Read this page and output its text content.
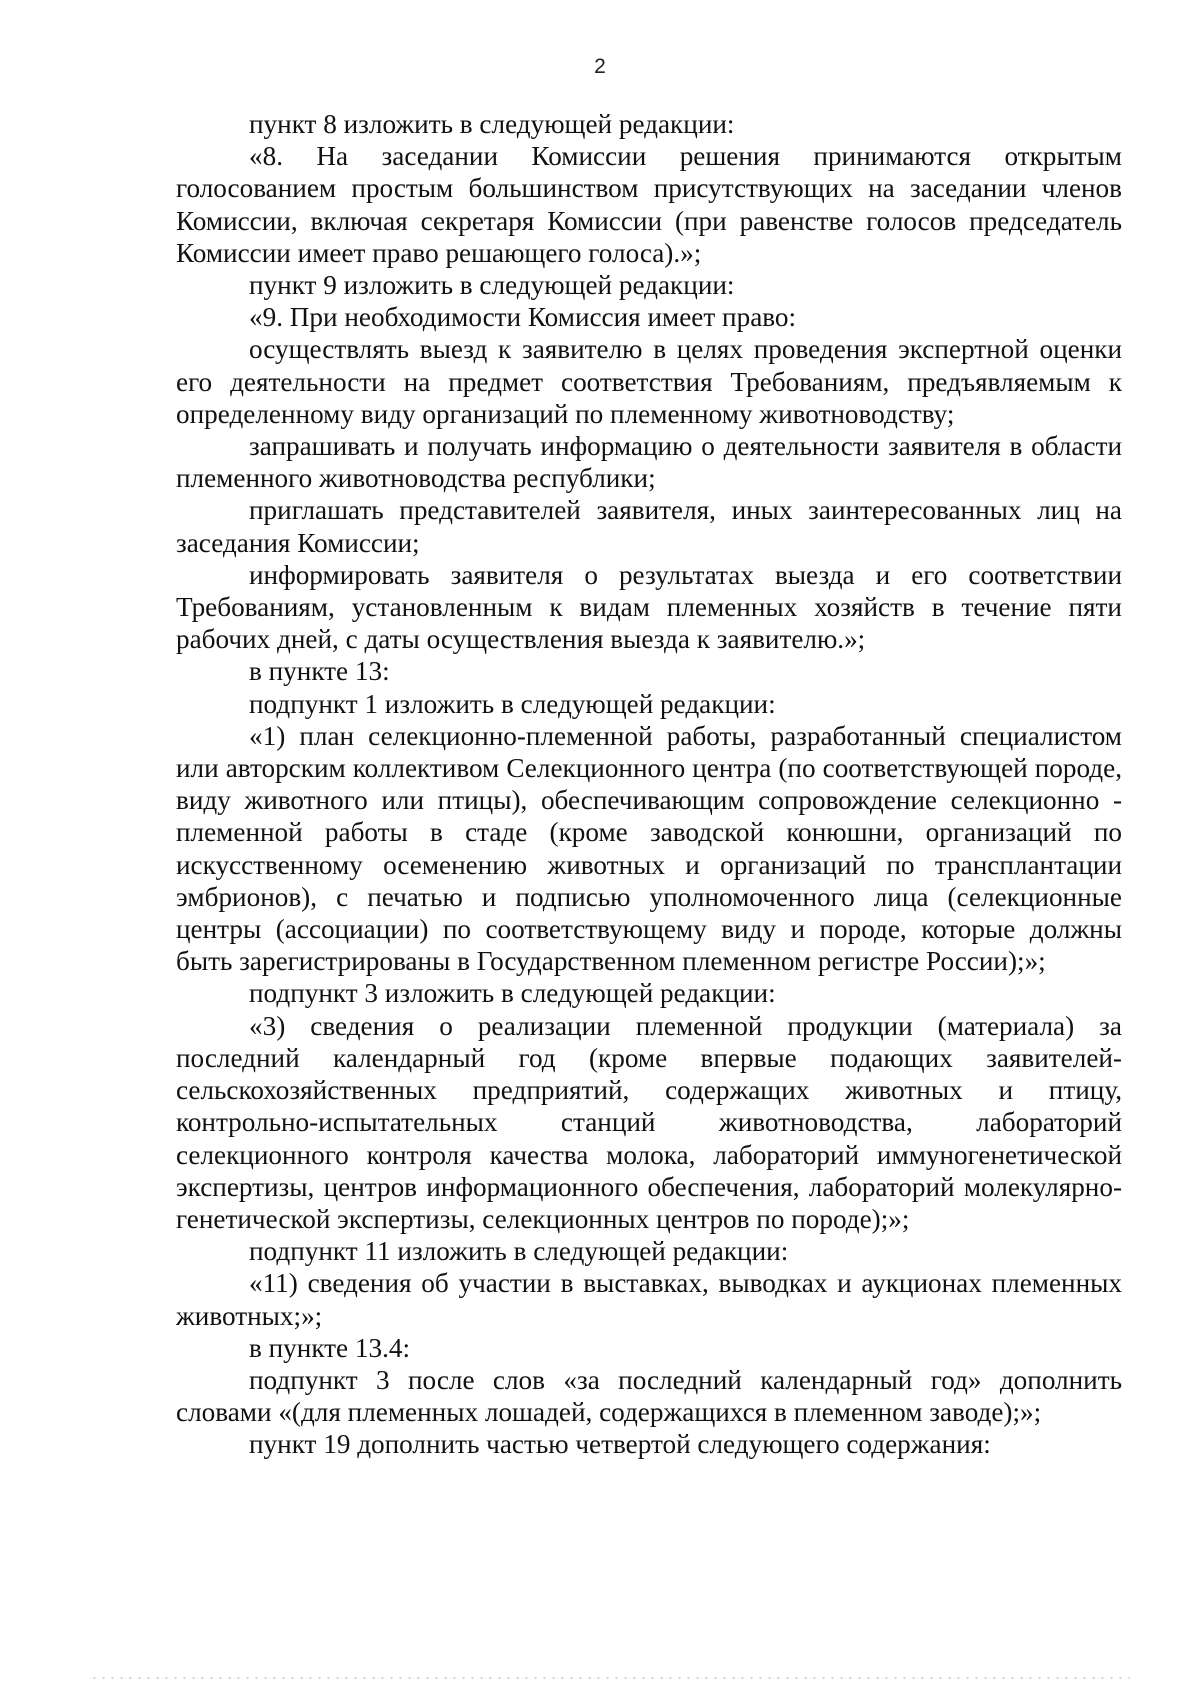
2

пункт 8 изложить в следующей редакции:

«8. На заседании Комиссии решения принимаются открытым голосованием простым большинством присутствующих на заседании членов Комиссии, включая секретаря Комиссии (при равенстве голосов председатель Комиссии имеет право решающего голоса).»;

пункт 9 изложить в следующей редакции:

«9. При необходимости Комиссия имеет право:

осуществлять выезд к заявителю в целях проведения экспертной оценки его деятельности на предмет соответствия Требованиям, предъявляемым к определенному виду организаций по племенному животноводству;

запрашивать и получать информацию о деятельности заявителя в области племенного животноводства республики;

приглашать представителей заявителя, иных заинтересованных лиц на заседания Комиссии;

информировать заявителя о результатах выезда и его соответствии Требованиям, установленным к видам племенных хозяйств в течение пяти рабочих дней, с даты осуществления выезда к заявителю.»;

в пункте 13:

подпункт 1 изложить в следующей редакции:

«1) план селекционно-племенной работы, разработанный специалистом или авторским коллективом Селекционного центра (по соответствующей породе, виду животного или птицы), обеспечивающим сопровождение селекционно - племенной работы в стаде (кроме заводской конюшни, организаций по искусственному осеменению животных и организаций по трансплантации эмбрионов), с печатью и подписью уполномоченного лица (селекционные центры (ассоциации) по соответствующему виду и породе, которые должны быть зарегистрированы в Государственном племенном регистре России);»;

подпункт 3 изложить в следующей редакции:

«3) сведения о реализации племенной продукции (материала) за последний календарный год (кроме впервые подающих заявителей-сельскохозяйственных предприятий, содержащих животных и птицу, контрольно-испытательных станций животноводства, лабораторий селекционного контроля качества молока, лабораторий иммуногенетической экспертизы, центров информационного обеспечения, лабораторий молекулярно-генетической экспертизы, селекционных центров по породе);»;

подпункт 11 изложить в следующей редакции:

«11) сведения об участии в выставках, выводках и аукционах племенных животных;»;

в пункте 13.4:

подпункт 3 после слов «за последний календарный год» дополнить словами «(для племенных лошадей, содержащихся в племенном заводе);»;

пункт 19 дополнить частью четвертой следующего содержания:
